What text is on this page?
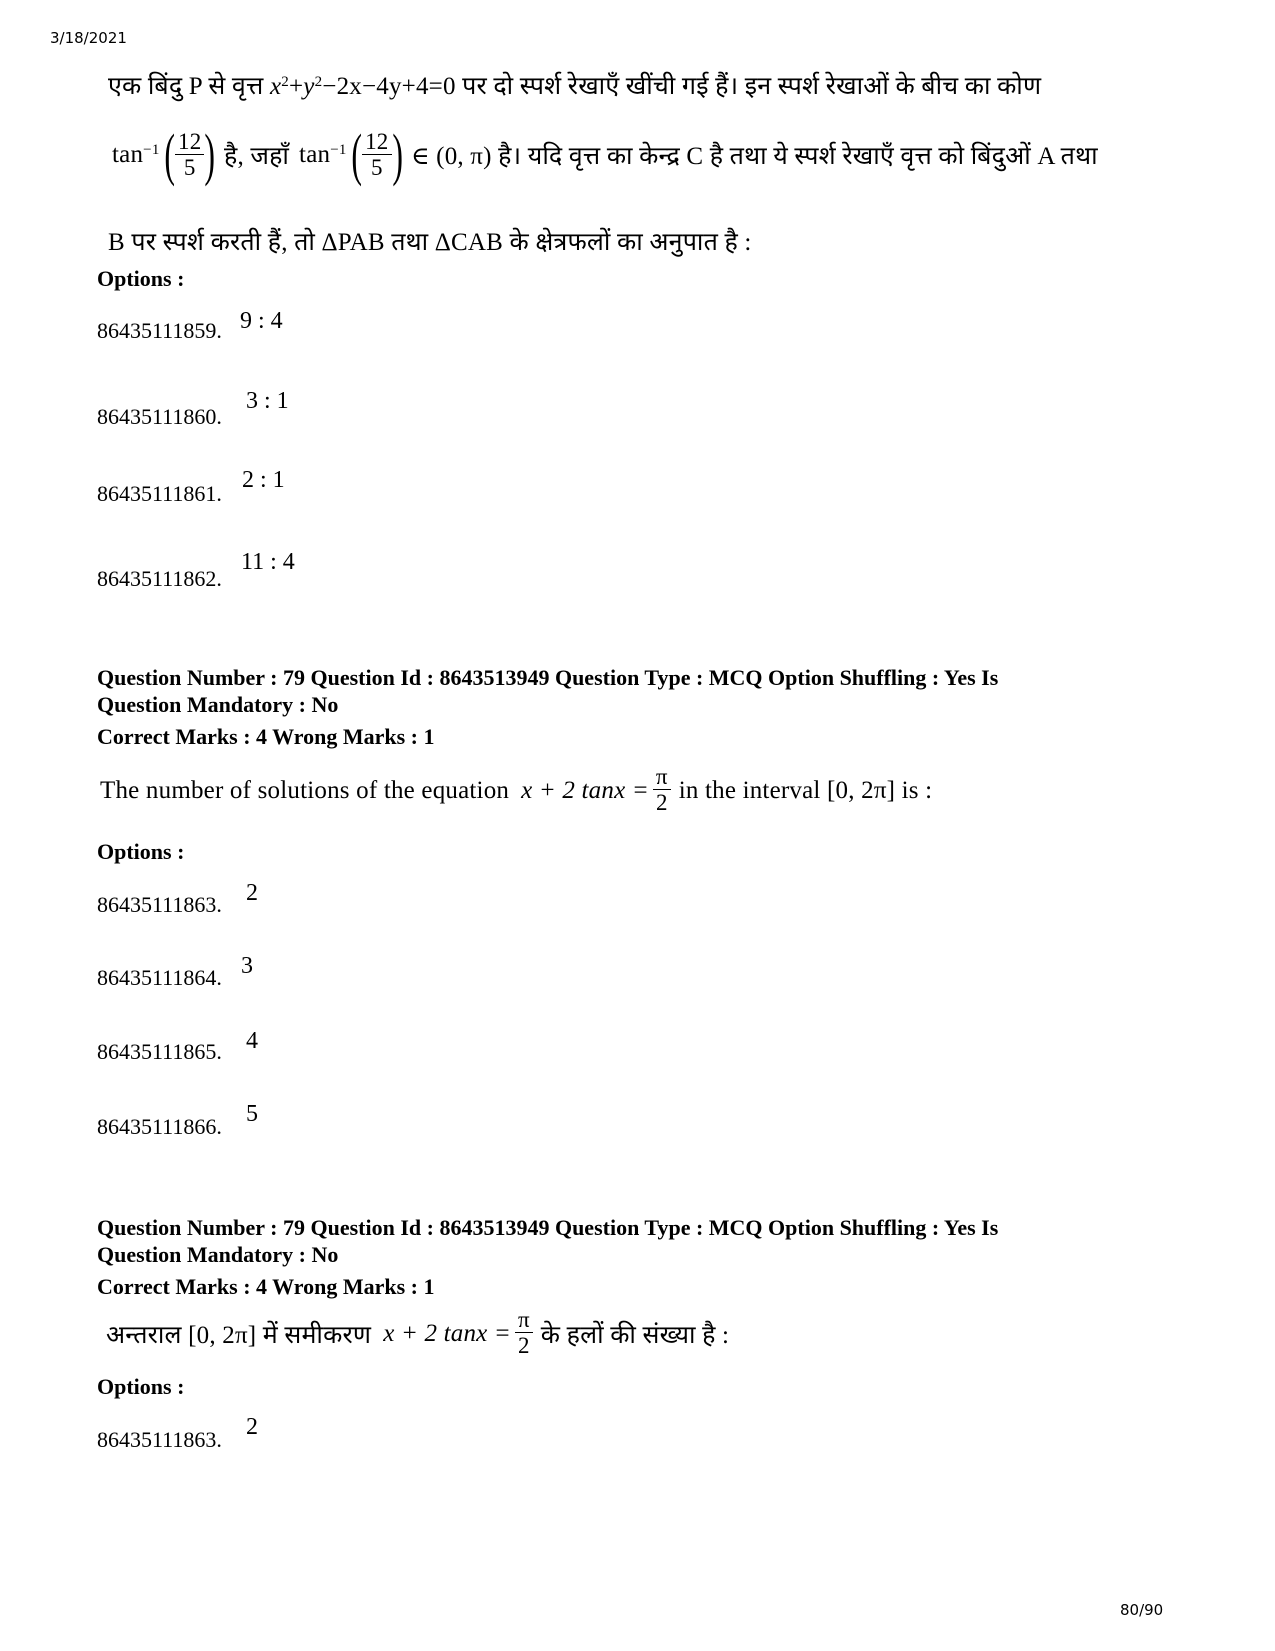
3/18/2021
एक बिंदु P से वृत्त $x^2+y^2-2x-4y+4=0$ पर दो स्पर्श रेखाएँ खींची गई हैं। इन स्पर्श रेखाओं के बीच का कोण
$\tan^{-1}$ ( $\frac{12}{5}$ ) है, जहाँ $\tan^{-1}$ ( $\frac{12}{5}$ ) ∈ (0, π) है। यदि वृत्त का केन्द्र C है तथा ये स्पर्श रेखाएँ वृत्त को बिंदुओं A तथा
B पर स्पर्श करती हैं, तो ΔPAB तथा ΔCAB के क्षेत्रफलों का अनुपात है :
Options :
86435111859. 9 : 4
86435111860.
3 : 1
86435111861.
2 : 1
86435111862.
11 : 4
Question Number : 79 Question Id : 8643513949 Question Type : MCQ Option Shuffling : Yes Is
Question Mandatory : No
Correct Marks : 4 Wrong Marks : 1
The number of solutions of the equation x + 2 $\tan x = \frac{\pi}{2}$ in the interval [0, 2π] is :
Options :
86435111863. 2
86435111864. 3
86435111865. 4
86435111866. 5
Question Number : 79 Question Id : 8643513949 Question Type : MCQ Option Shuffling : Yes Is
Question Mandatory : No
Correct Marks : 4 Wrong Marks : 1
अन्तराल [0, 2π] में समीकरण x + 2 $\tan x = \frac{\pi}{2}$ के हलों की संख्या है :
Options :
86435111863. 2
80/90
